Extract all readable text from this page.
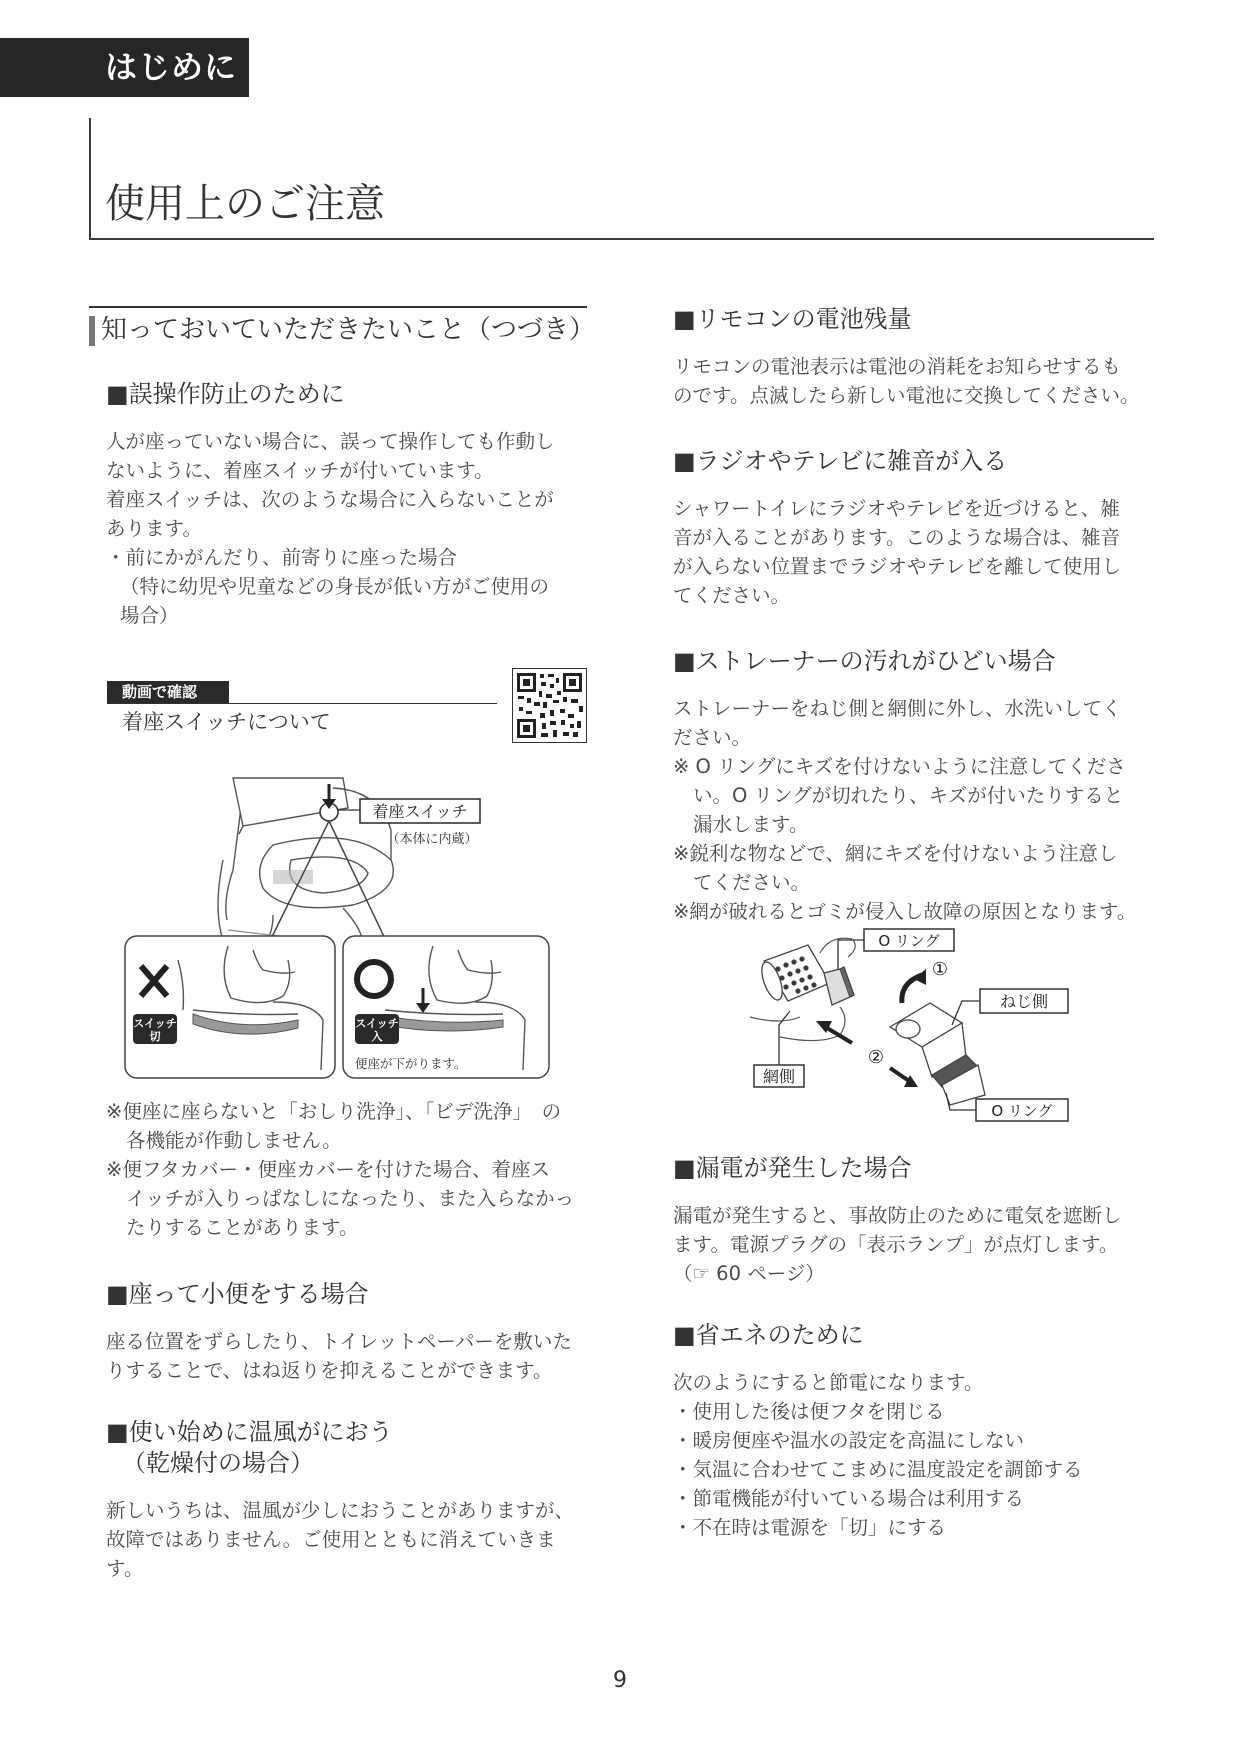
はじめに
使用上のご注意
知っておいていただきたいこと（つづき）
■誤操作防止のために

人が座っていない場合に、誤って操作しても作動し

ないように、着座スイッチが付いています。

着座スイッチは、次のような場合に入らないことが

あります。

・前にかがんだり、前寄りに座った場合

（特に幼児や児童などの身長が低い方がご使用の

場合）

動画で確認
着座スイッチについて
着座スイッチ
（本体に内蔵）
スイッチ
切
スイッチ
入
便座が下がります。

※便座に座らないと「おしり洗浄」、「ビデ洗浄」　の

各機能が作動しません。

※便フタカバー・便座カバーを付けた場合、着座ス

イッチが入りっぱなしになったり、また入らなかっ

たりすることがあります。

■座って小便をする場合

座る位置をずらしたり、トイレットペーパーを敷いた

りすることで、はね返りを抑えることができます。

■使い始めに温風がにおう
（乾燥付の場合）

新しいうちは、温風が少しにおうことがありますが、

故障ではありません。ご使用とともに消えていきま

す。

■リモコンの電池残量

リモコンの電池表示は電池の消耗をお知らせするも

のです。点滅したら新しい電池に交換してください。

■ラジオやテレビに雑音が入る

シャワートイレにラジオやテレビを近づけると、雑

音が入ることがあります。このような場合は、雑音

が入らない位置までラジオやテレビを離して使用し

てください。

■ストレーナーの汚れがひどい場合

ストレーナーをねじ側と網側に外し、水洗いしてく

ださい。

※ O リングにキズを付けないように注意してくださ

い。O リングが切れたり、キズが付いたりすると

漏水します。

※鋭利な物などで、網にキズを付けないよう注意し

てください。

※網が破れるとゴミが侵入し故障の原因となります。

O リング
②
①
ねじ側
網側
O リング
■漏電が発生した場合

漏電が発生すると、事故防止のために電気を遮断し

ます。電源プラグの「表示ランプ」が点灯します。

（☞ 60 ページ）

■省エネのために

次のようにすると節電になります。

・使用した後は便フタを閉じる

・暖房便座や温水の設定を高温にしない

・気温に合わせてこまめに温度設定を調節する

・節電機能が付いている場合は利用する

・不在時は電源を「切」にする

9
